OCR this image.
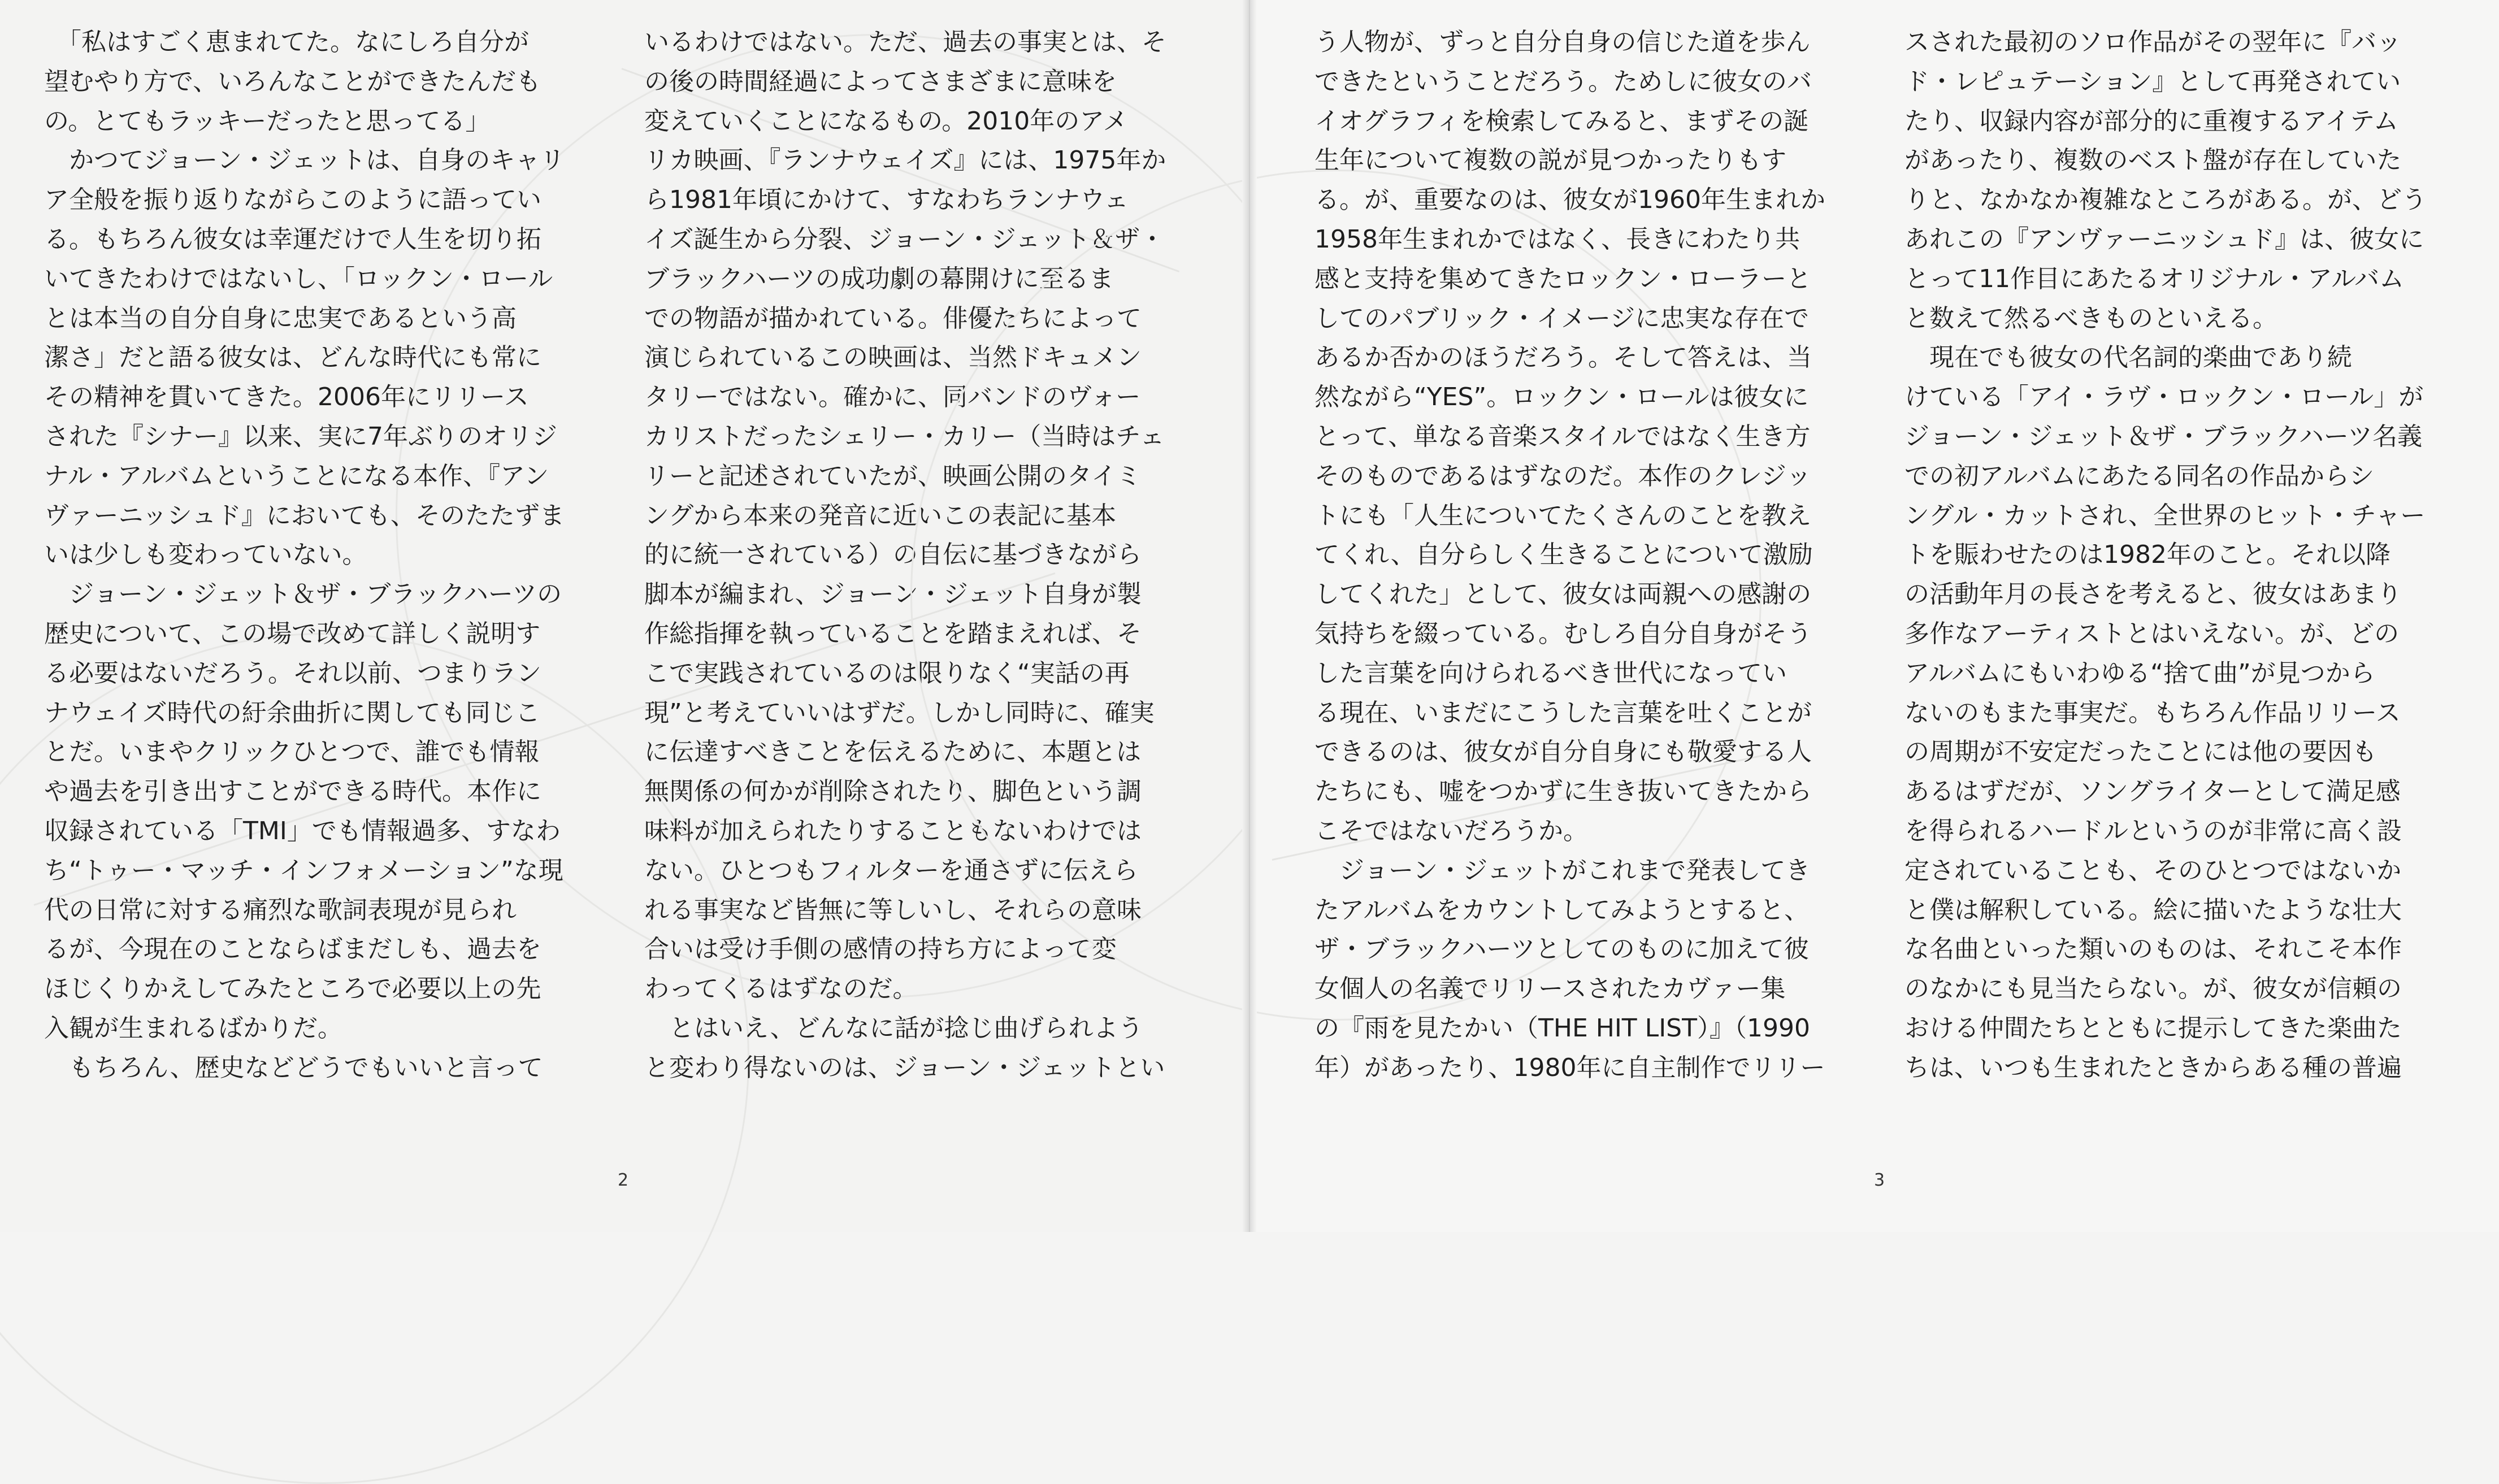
　「私はすごく恵まれてた。なにしろ自分が
望むやり方で、いろんなことができたんだも
の。とてもラッキーだったと思ってる」
　かつてジョーン・ジェットは、自身のキャリ
ア全般を振り返りながらこのように語ってい
る。もちろん彼女は幸運だけで人生を切り拓
いてきたわけではないし、「ロックン・ロール
とは本当の自分自身に忠実であるという高
潔さ」だと語る彼女は、どんな時代にも常に
その精神を貫いてきた。2006年にリリース
された『シナー』以来、実に7年ぶりのオリジ
ナル・アルバムということになる本作、『アン
ヴァーニッシュド』においても、そのたたずま
いは少しも変わっていない。
　ジョーン・ジェット＆ザ・ブラックハーツの
歴史について、この場で改めて詳しく説明す
る必要はないだろう。それ以前、つまりラン
ナウェイズ時代の紆余曲折に関しても同じこ
とだ。いまやクリックひとつで、誰でも情報
や過去を引き出すことができる時代。本作に
収録されている「TMI」でも情報過多、すなわ
ち“トゥー・マッチ・インフォメーション”な現
代の日常に対する痛烈な歌詞表現が見られ
るが、今現在のことならばまだしも、過去を
ほじくりかえしてみたところで必要以上の先
入観が生まれるばかりだ。
　もちろん、歴史などどうでもいいと言って
いるわけではない。ただ、過去の事実とは、そ
の後の時間経過によってさまざまに意味を
変えていくことになるもの。2010年のアメ
リカ映画、『ランナウェイズ』には、1975年か
ら1981年頃にかけて、すなわちランナウェ
イズ誕生から分裂、ジョーン・ジェット＆ザ・
ブラックハーツの成功劇の幕開けに至るま
での物語が描かれている。俳優たちによって
演じられているこの映画は、当然ドキュメン
タリーではない。確かに、同バンドのヴォー
カリストだったシェリー・カリー（当時はチェ
リーと記述されていたが、映画公開のタイミ
ングから本来の発音に近いこの表記に基本
的に統一されている）の自伝に基づきながら
脚本が編まれ、ジョーン・ジェット自身が製
作総指揮を執っていることを踏まえれば、そ
こで実践されているのは限りなく“実話の再
現”と考えていいはずだ。しかし同時に、確実
に伝達すべきことを伝えるために、本題とは
無関係の何かが削除されたり、脚色という調
味料が加えられたりすることもないわけでは
ない。ひとつもフィルターを通さずに伝えら
れる事実など皆無に等しいし、それらの意味
合いは受け手側の感情の持ち方によって変
わってくるはずなのだ。
　とはいえ、どんなに話が捻じ曲げられよう
と変わり得ないのは、ジョーン・ジェットとい
2
う人物が、ずっと自分自身の信じた道を歩ん
できたということだろう。ためしに彼女のバ
イオグラフィを検索してみると、まずその誕
生年について複数の説が見つかったりもす
る。が、重要なのは、彼女が1960年生まれか
1958年生まれかではなく、長きにわたり共
感と支持を集めてきたロックン・ローラーと
してのパブリック・イメージに忠実な存在で
あるか否かのほうだろう。そして答えは、当
然ながら“YES”。ロックン・ロールは彼女に
とって、単なる音楽スタイルではなく生き方
そのものであるはずなのだ。本作のクレジッ
トにも「人生についてたくさんのことを教え
てくれ、自分らしく生きることについて激励
してくれた」として、彼女は両親への感謝の
気持ちを綴っている。むしろ自分自身がそう
した言葉を向けられるべき世代になってい
る現在、いまだにこうした言葉を吐くことが
できるのは、彼女が自分自身にも敬愛する人
たちにも、嘘をつかずに生き抜いてきたから
こそではないだろうか。
　ジョーン・ジェットがこれまで発表してき
たアルバムをカウントしてみようとすると、
ザ・ブラックハーツとしてのものに加えて彼
女個人の名義でリリースされたカヴァー集
の『雨を見たかい（THE HIT LIST）』（1990
年）があったり、1980年に自主制作でリリー
スされた最初のソロ作品がその翌年に『バッ
ド・レピュテーション』として再発されてい
たり、収録内容が部分的に重複するアイテム
があったり、複数のベスト盤が存在していた
りと、なかなか複雑なところがある。が、どう
あれこの『アンヴァーニッシュド』は、彼女に
とって11作目にあたるオリジナル・アルバム
と数えて然るべきものといえる。
　現在でも彼女の代名詞的楽曲であり続
けている「アイ・ラヴ・ロックン・ロール」が
ジョーン・ジェット＆ザ・ブラックハーツ名義
での初アルバムにあたる同名の作品からシ
ングル・カットされ、全世界のヒット・チャー
トを賑わせたのは1982年のこと。それ以降
の活動年月の長さを考えると、彼女はあまり
多作なアーティストとはいえない。が、どの
アルバムにもいわゆる“捨て曲”が見つから
ないのもまた事実だ。もちろん作品リリース
の周期が不安定だったことには他の要因も
あるはずだが、ソングライターとして満足感
を得られるハードルというのが非常に高く設
定されていることも、そのひとつではないか
と僕は解釈している。絵に描いたような壮大
な名曲といった類いのものは、それこそ本作
のなかにも見当たらない。が、彼女が信頼の
おける仲間たちとともに提示してきた楽曲た
ちは、いつも生まれたときからある種の普遍
3
